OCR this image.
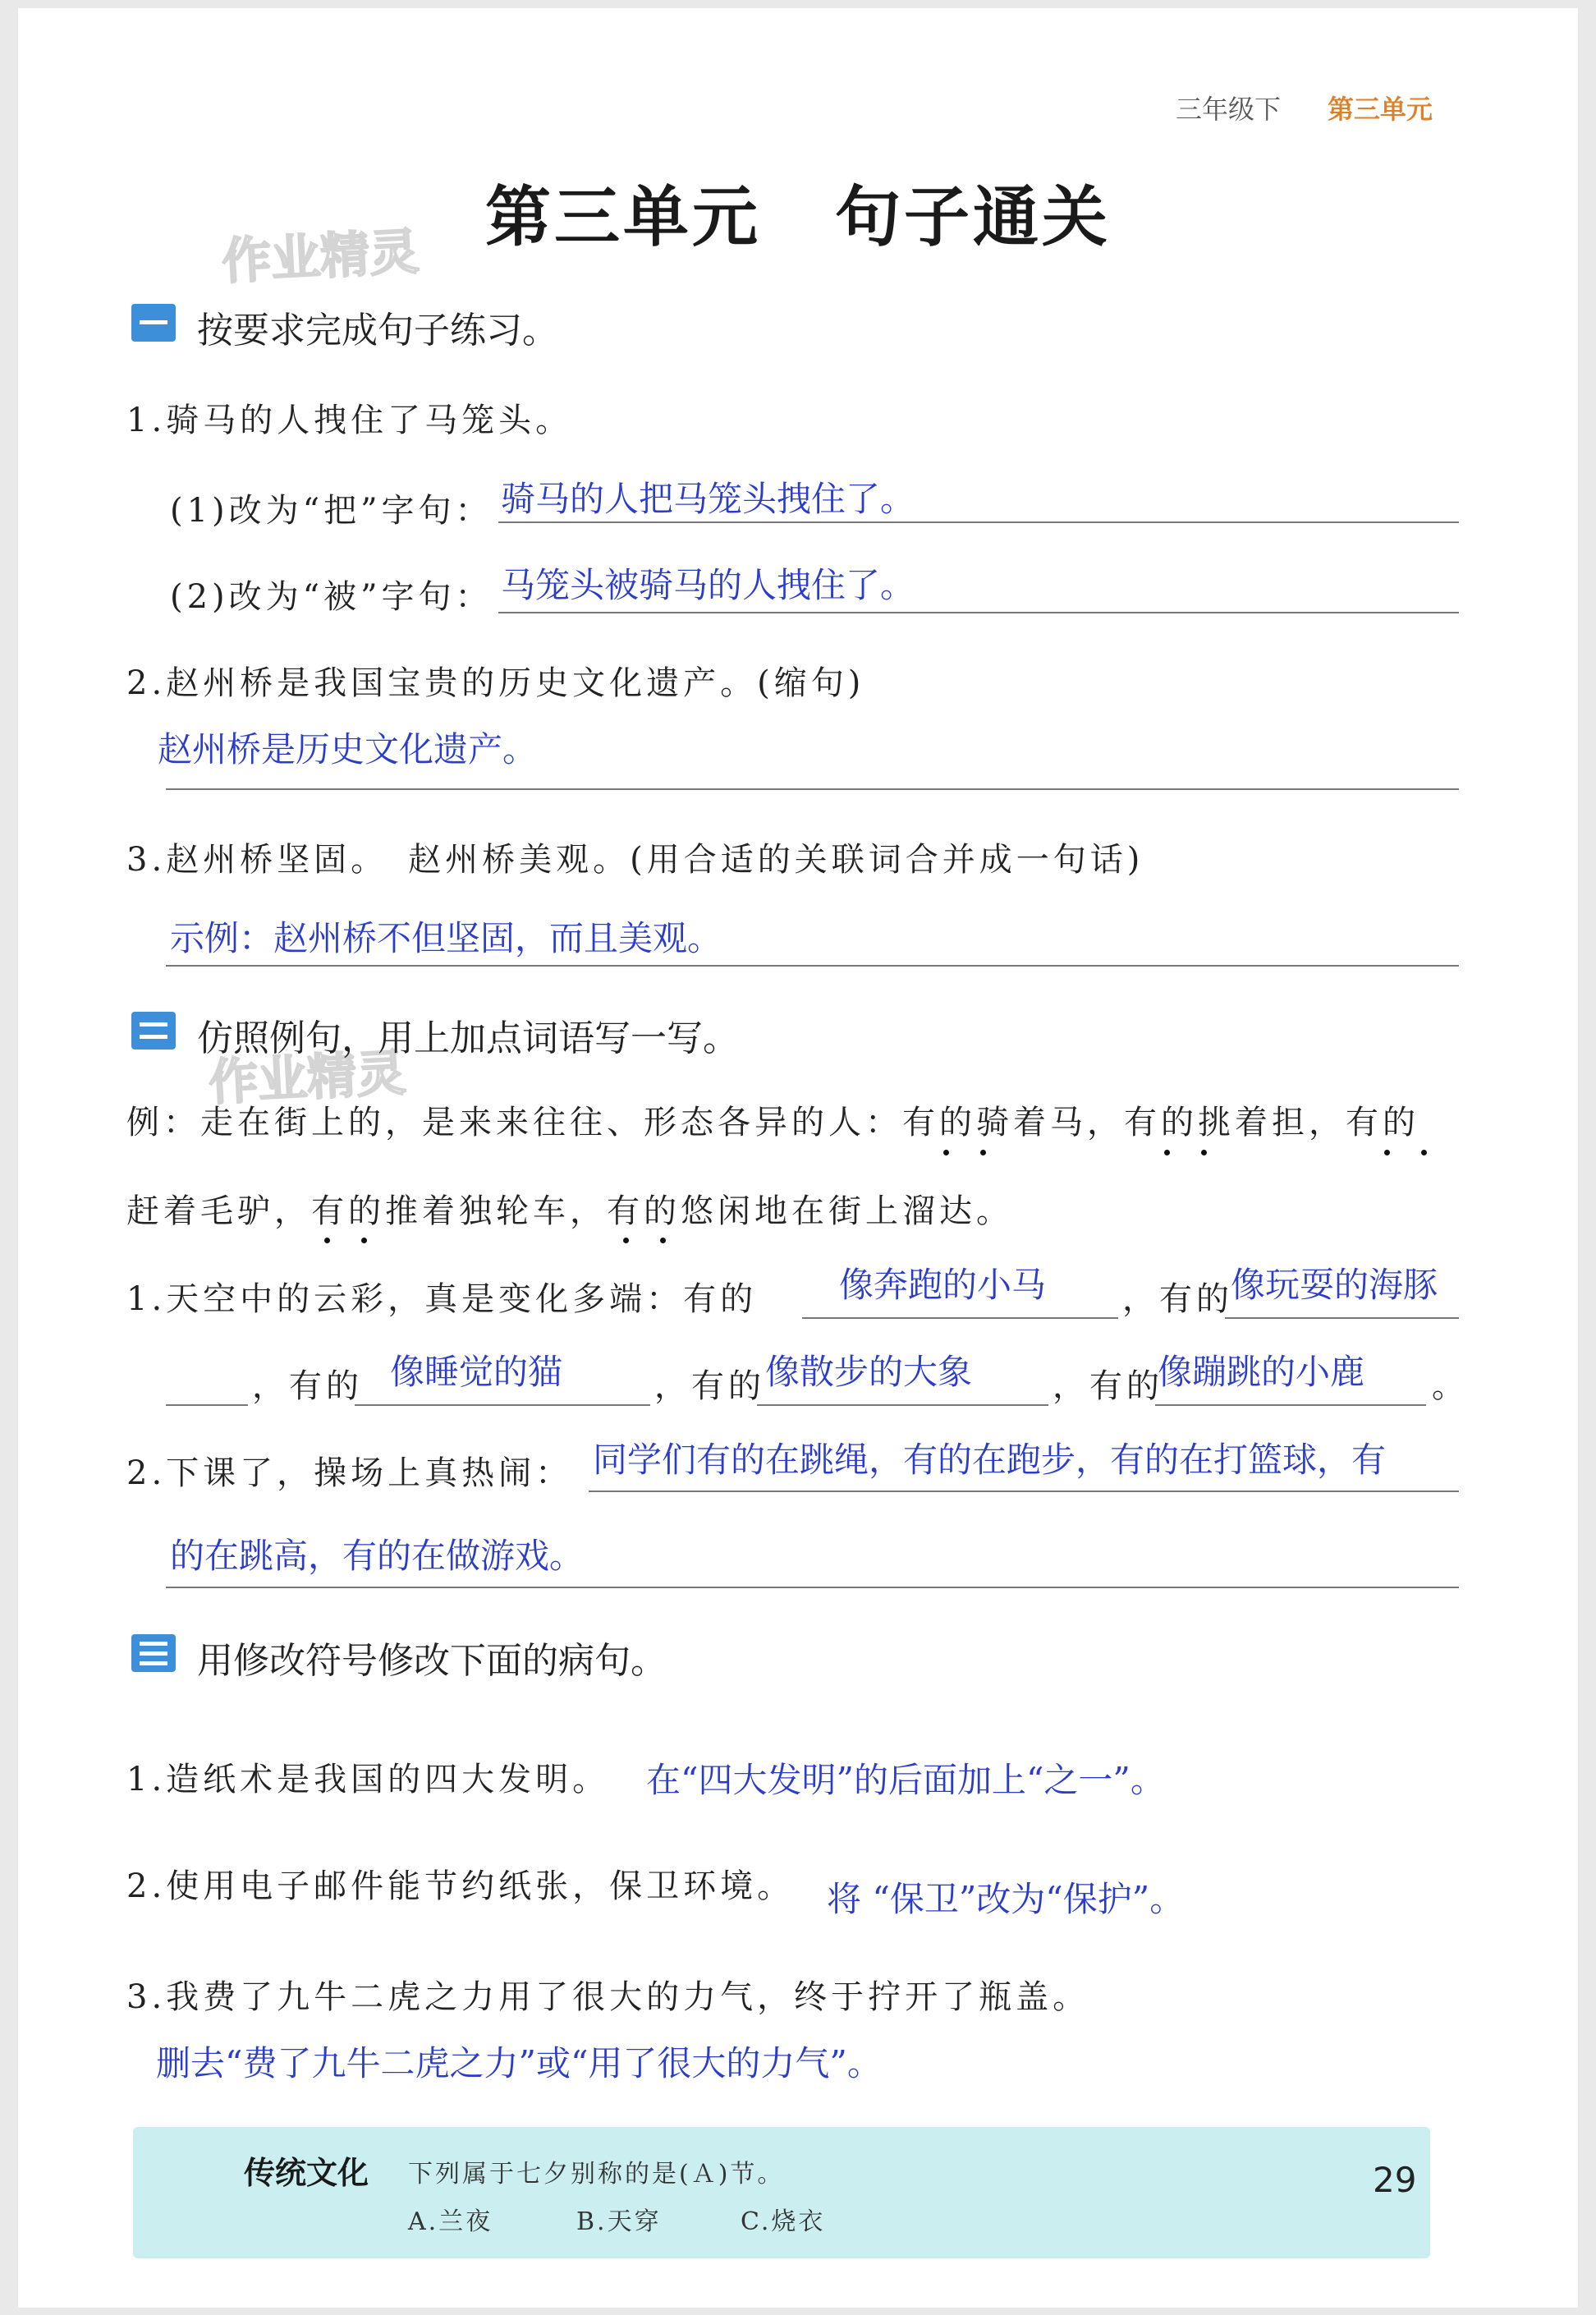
三年级下 第三单元
第三单元 句子通关
作业精灵
作业精灵
按要求完成句子练习。
1.骑马的人拽住了马笼头。
(1)改为“把”字句： 骑马的人把马笼头拽住了。
(2)改为“被”字句： 马笼头被骑马的人拽住了。
2.赵州桥是我国宝贵的历史文化遗产。(缩句)
赵州桥是历史文化遗产。
3.赵州桥坚固。　赵州桥美观。(用合适的关联词合并成一句话)
示例：赵州桥不但坚固，而且美观。
仿照例句，用上加点词语写一写。
例：走在街上的，是来来往往、形态各异的人：有的骑着马，有的挑着担，有的
赶着毛驴，有的推着独轮车，有的悠闲地在街上溜达。
1.天空中的云彩，真是变化多端：有的 像奔跑的小马 ，有的
像玩耍的海豚
，有的 像睡觉的猫	，有的 像散步的大象 ，有的
像蹦跳的小鹿 。
2.下课了，操场上真热闹： 同学们有的在跳绳，有的在跑步，有的在打篮球，有
的在跳高，有的在做游戏。
用修改符号修改下面的病句。
1.造纸术是我国的四大发明。 在“四大发明”的后面加上“之一”。
2.使用电子邮件能节约纸张，保卫环境。 将 “保卫”改为“保护”。
3.我费了九牛二虎之力用了很大的力气，终于拧开了瓶盖。
删去“费了九牛二虎之力”或“用了很大的力气”。
传统文化 下列属于七夕别称的是(Ａ)节。
A.兰夜	B.天穿	C.烧衣
29
